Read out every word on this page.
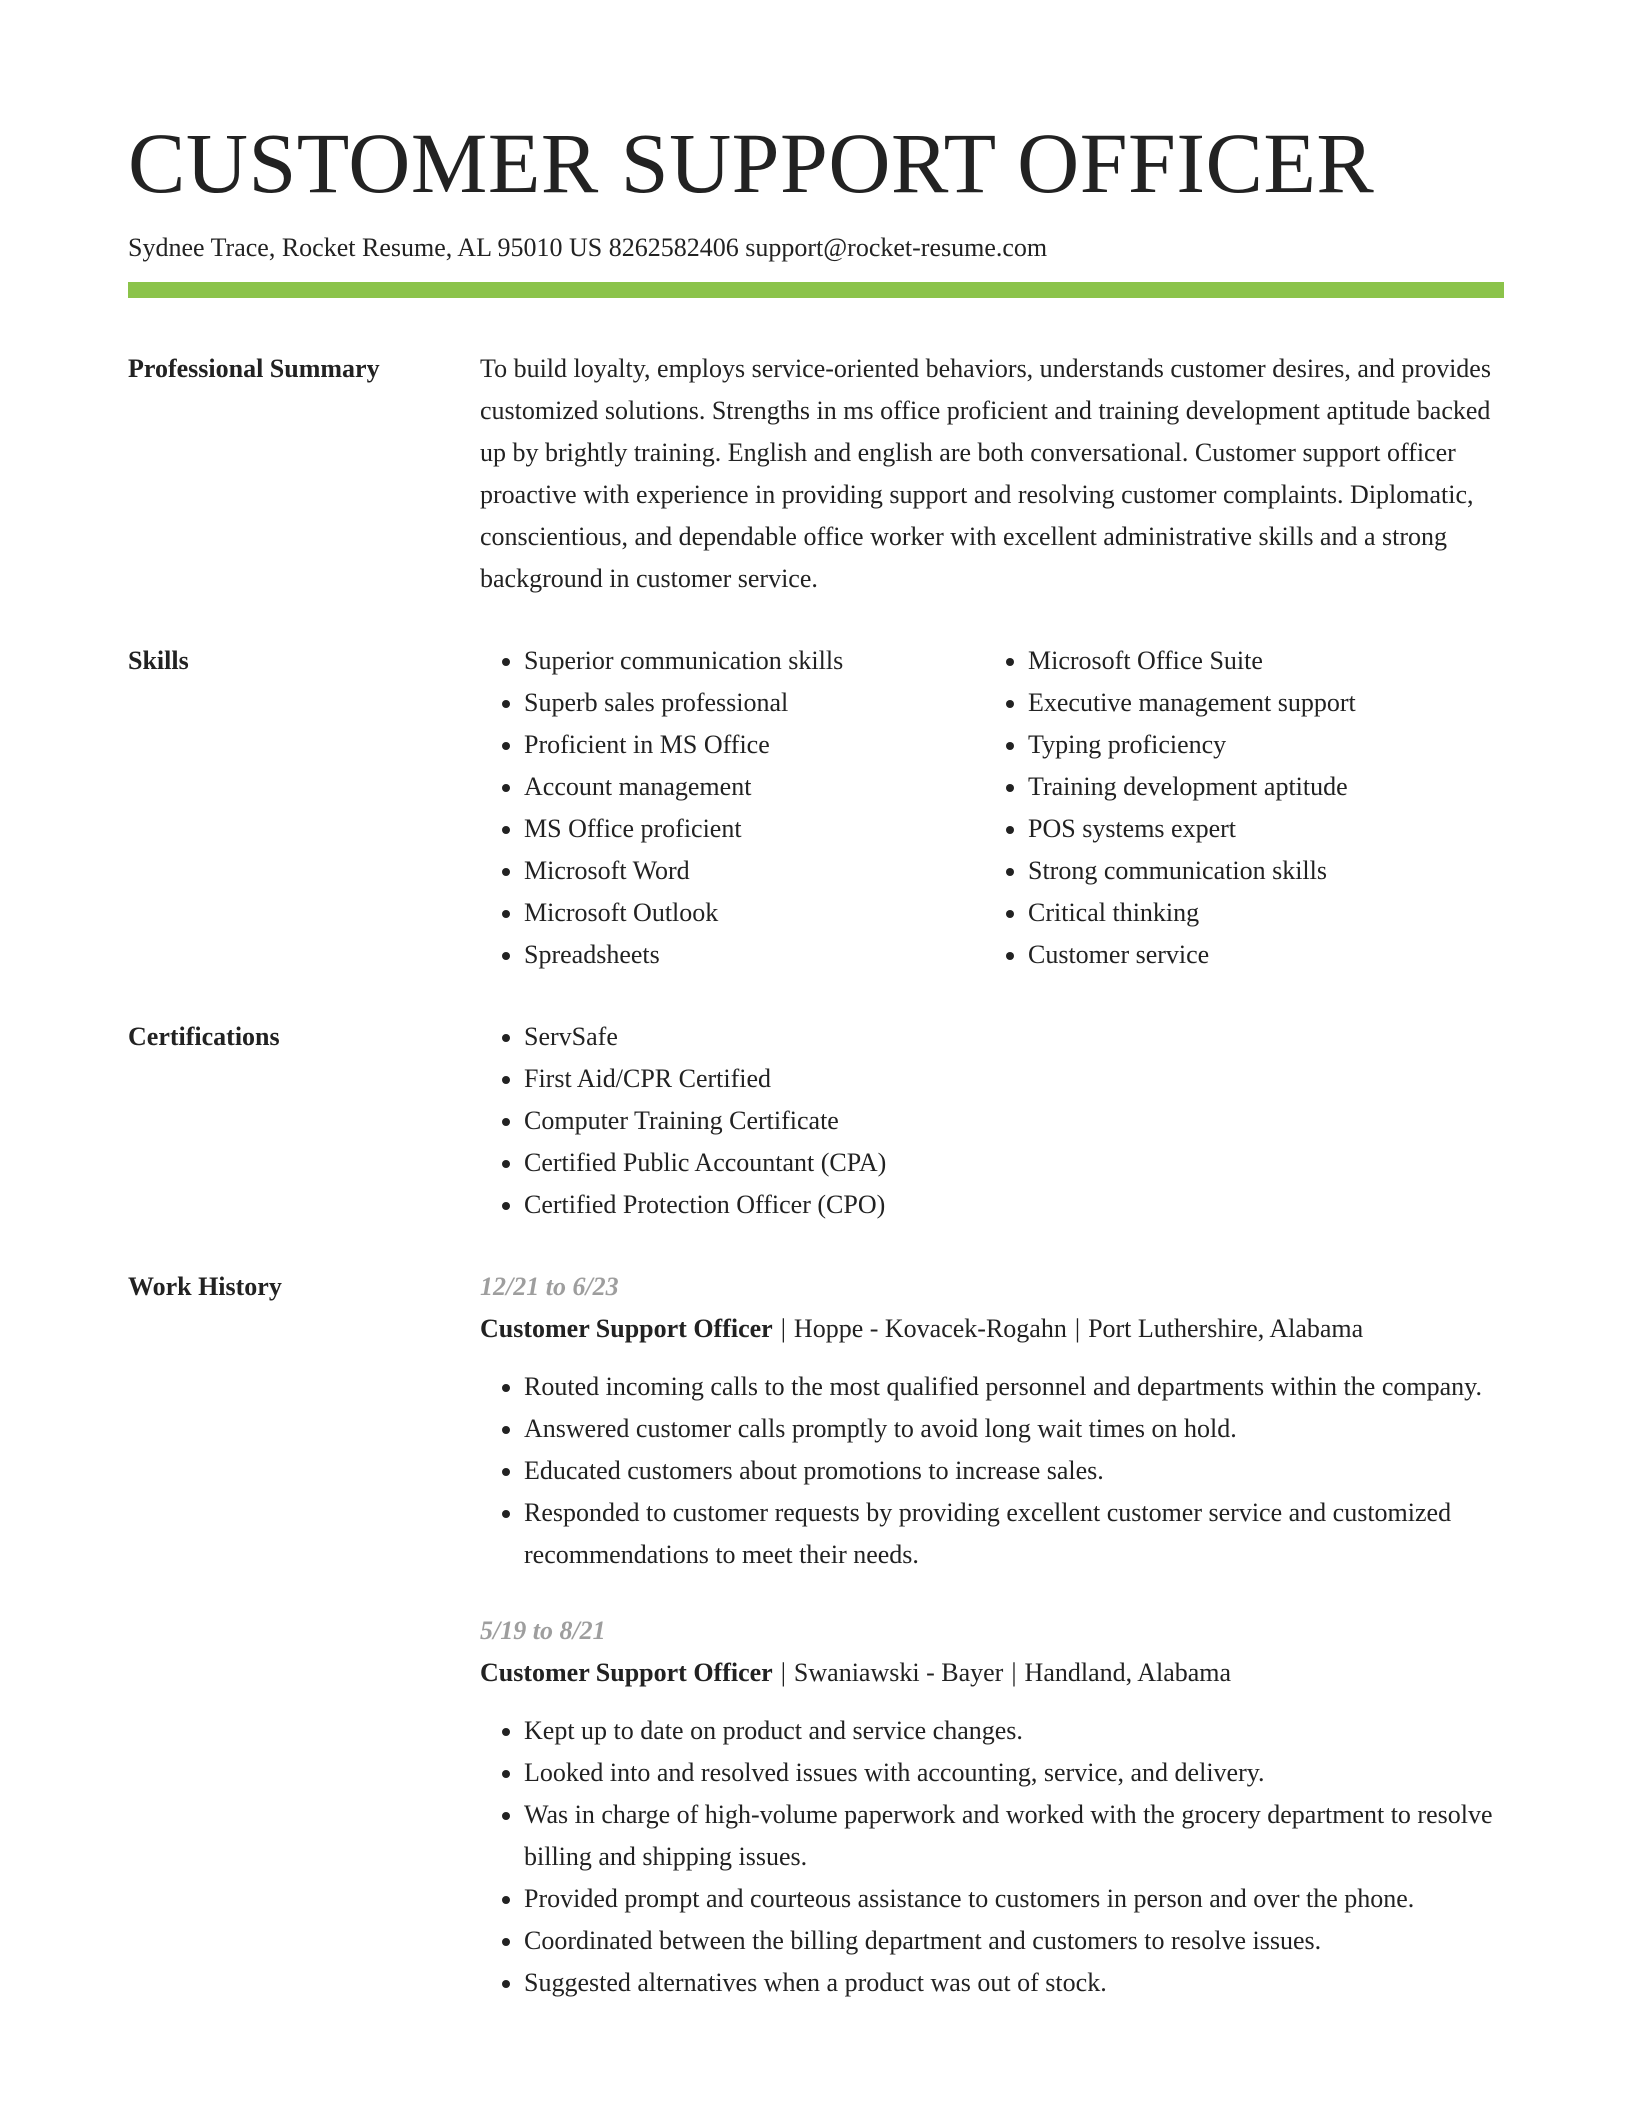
CUSTOMER SUPPORT OFFICER
Sydnee Trace, Rocket Resume, AL 95010 US 8262582406 support@rocket-resume.com
Professional Summary	To build loyalty, employs service-oriented behaviors, understands customer desires, and provides customized solutions. Strengths in ms office proficient and training development aptitude backed up by brightly training. English and english are both conversational. Customer support officer proactive with experience in providing support and resolving customer complaints. Diplomatic, conscientious, and dependable office worker with excellent administrative skills and a strong background in customer service.

Skills	• Superior communication skills
• Superb sales professional
• Proficient in MS Office
• Account management
• MS Office proficient
• Microsoft Word
• Microsoft Outlook
• Spreadsheets
• Microsoft Office Suite
• Executive management support
• Typing proficiency
• Training development aptitude
• POS systems expert
• Strong communication skills
• Critical thinking
• Customer service
Certifications	• ServSafe
• First Aid/CPR Certified
• Computer Training Certificate
• Certified Public Accountant (CPA)
• Certified Protection Officer (CPO)
Work History	12/21 to 6/23
Customer Support Officer | Hoppe - Kovacek-Rogahn | Port Luthershire, Alabama
• Routed incoming calls to the most qualified personnel and departments within the company.
• Answered customer calls promptly to avoid long wait times on hold.
• Educated customers about promotions to increase sales.
• Responded to customer requests by providing excellent customer service and customized recommendations to meet their needs.
5/19 to 8/21
Customer Support Officer | Swaniawski - Bayer | Handland, Alabama
• Kept up to date on product and service changes.
• Looked into and resolved issues with accounting, service, and delivery.
• Was in charge of high-volume paperwork and worked with the grocery department to resolve billing and shipping issues.
• Provided prompt and courteous assistance to customers in person and over the phone.
• Coordinated between the billing department and customers to resolve issues.
• Suggested alternatives when a product was out of stock.
